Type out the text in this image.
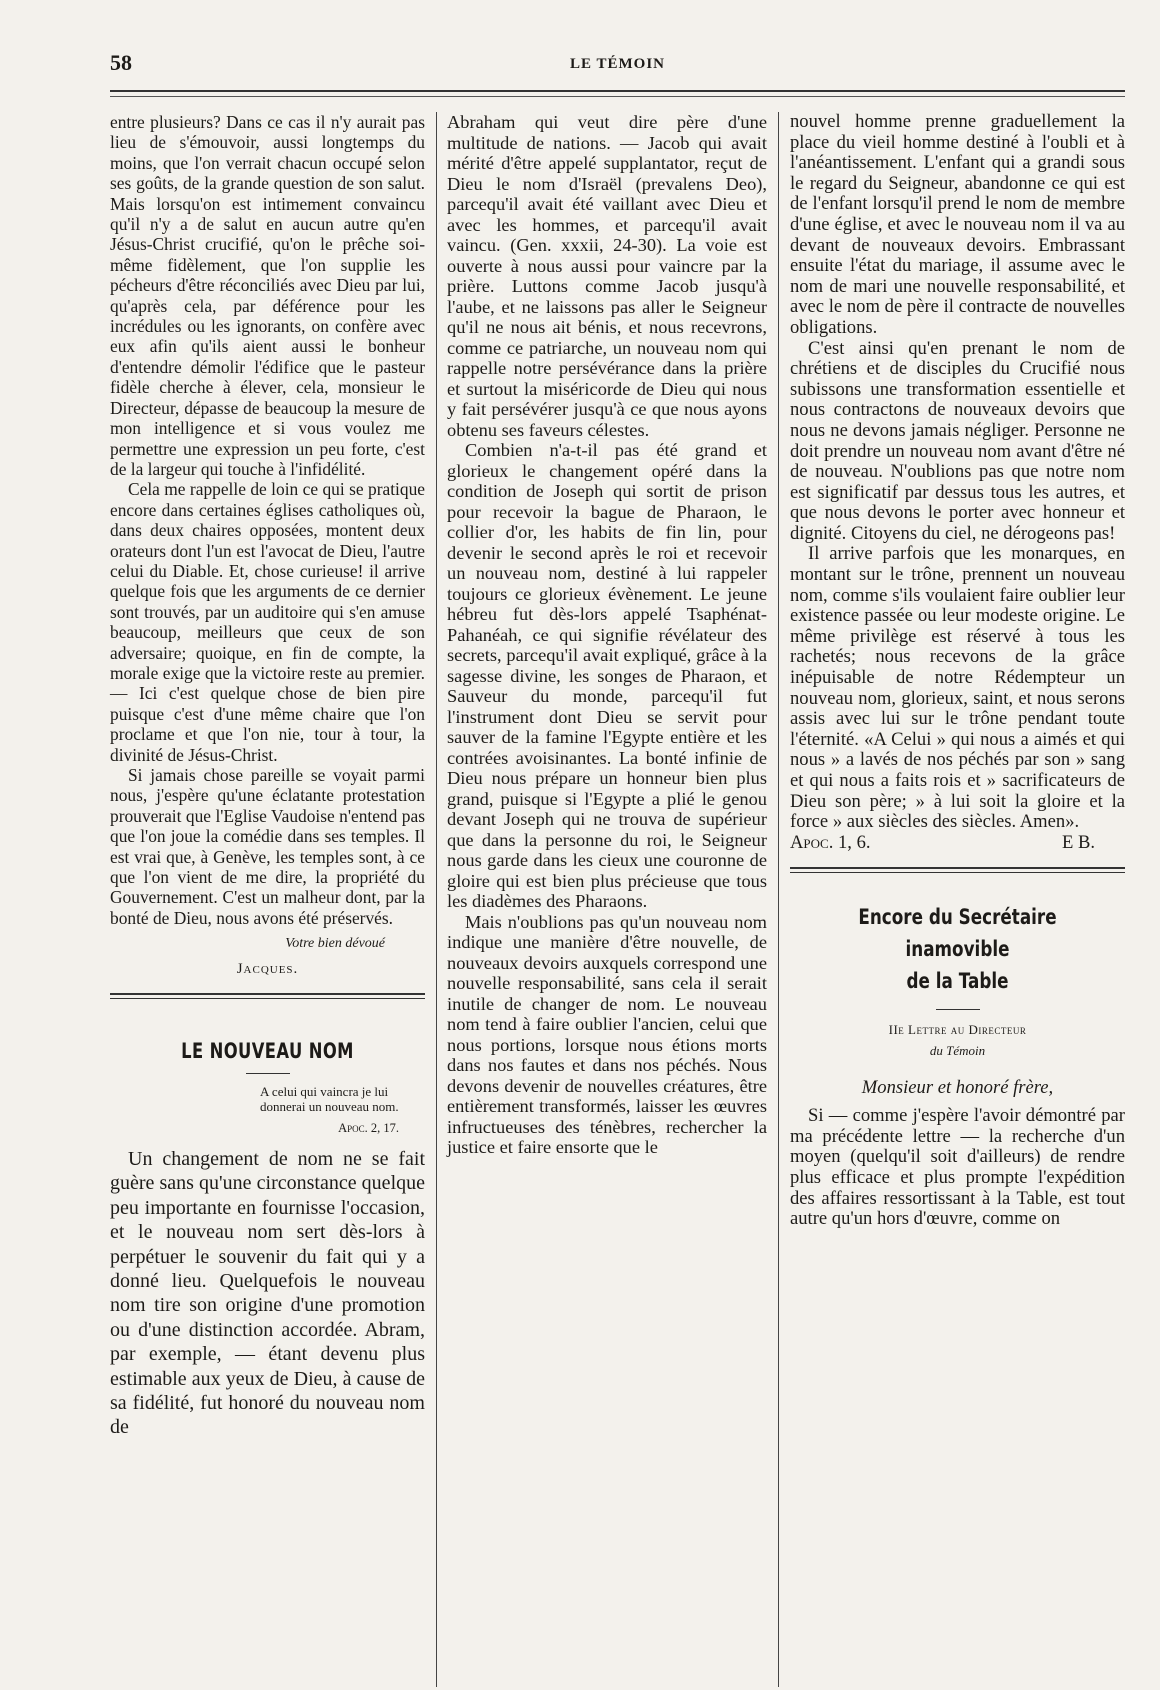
58	LE TÉMOIN

entre plusieurs? Dans ce cas il n'y aurait pas lieu de s'émouvoir, aussi longtemps du moins, que l'on verrait chacun occupé selon ses goûts, de la grande question de son salut. Mais lorsqu'on est intimement convaincu qu'il n'y a de salut en aucun autre qu'en Jésus-Christ crucifié, qu'on le prêche soi-même fidèlement, que l'on supplie les pécheurs d'être réconciliés avec Dieu par lui, qu'après cela, par déférence pour les incrédules ou les ignorants, on confère avec eux afin qu'ils aient aussi le bonheur d'entendre démolir l'édifice que le pasteur fidèle cherche à élever, cela, monsieur le Directeur, dépasse de beaucoup la mesure de mon intelligence et si vous voulez me permettre une expression un peu forte, c'est de la largeur qui touche à l'infidélité.

Cela me rappelle de loin ce qui se pratique encore dans certaines églises catholiques où, dans deux chaires opposées, montent deux orateurs dont l'un est l'avocat de Dieu, l'autre celui du Diable. Et, chose curieuse! il arrive quelque fois que les arguments de ce dernier sont trouvés, par un auditoire qui s'en amuse beaucoup, meilleurs que ceux de son adversaire; quoique, en fin de compte, la morale exige que la victoire reste au premier. — Ici c'est quelque chose de bien pire puisque c'est d'une même chaire que l'on proclame et que l'on nie, tour à tour, la divinité de Jésus-Christ.

Si jamais chose pareille se voyait parmi nous, j'espère qu'une éclatante protestation prouverait que l'Eglise Vaudoise n'entend pas que l'on joue la comédie dans ses temples. Il est vrai que, à Genève, les temples sont, à ce que l'on vient de me dire, la propriété du Gouvernement. C'est un malheur dont, par la bonté de Dieu, nous avons été préservés.

Votre bien dévoué
Jacques.
LE NOUVEAU NOM
A celui qui vaincra je lui donnerai un nouveau nom.
Apoc. 2, 17.

Un changement de nom ne se fait guère sans qu'une circonstance quelque peu importante en fournisse l'occasion, et le nouveau nom sert dès-lors à perpétuer le souvenir du fait qui y a donné lieu. Quelquefois le nouveau nom tire son origine d'une promotion ou d'une distinction accordée. Abram, par exemple, — étant devenu plus estimable aux yeux de Dieu, à cause de sa fidélité, fut honoré du nouveau nom de

Abraham qui veut dire père d'une multitude de nations. — Jacob qui avait mérité d'être appelé supplantator, reçut de Dieu le nom d'Israël (prevalens Deo), parcequ'il avait été vaillant avec Dieu et avec les hommes, et parcequ'il avait vaincu. (Gen. xxxii, 24-30). La voie est ouverte à nous aussi pour vaincre par la prière. Luttons comme Jacob jusqu'à l'aube, et ne laissons pas aller le Seigneur qu'il ne nous ait bénis, et nous recevrons, comme ce patriarche, un nouveau nom qui rappelle notre persévérance dans la prière et surtout la miséricorde de Dieu qui nous y fait persévérer jusqu'à ce que nous ayons obtenu ses faveurs célestes.

Combien n'a-t-il pas été grand et glorieux le changement opéré dans la condition de Joseph qui sortit de prison pour recevoir la bague de Pharaon, le collier d'or, les habits de fin lin, pour devenir le second après le roi et recevoir un nouveau nom, destiné à lui rappeler toujours ce glorieux évènement. Le jeune hébreu fut dès-lors appelé Tsaphénat-Pahanéah, ce qui signifie révélateur des secrets, parcequ'il avait expliqué, grâce à la sagesse divine, les songes de Pharaon, et Sauveur du monde, parcequ'il fut l'instrument dont Dieu se servit pour sauver de la famine l'Egypte entière et les contrées avoisinantes. La bonté infinie de Dieu nous prépare un honneur bien plus grand, puisque si l'Egypte a plié le genou devant Joseph qui ne trouva de supérieur que dans la personne du roi, le Seigneur nous garde dans les cieux une couronne de gloire qui est bien plus précieuse que tous les diadèmes des Pharaons.

Mais n'oublions pas qu'un nouveau nom indique une manière d'être nouvelle, de nouveaux devoirs auxquels correspond une nouvelle responsabilité, sans cela il serait inutile de changer de nom. Le nouveau nom tend à faire oublier l'ancien, celui que nous portions, lorsque nous étions morts dans nos fautes et dans nos péchés. Nous devons devenir de nouvelles créatures, être entièrement transformés, laisser les œuvres infructueuses des ténèbres, rechercher la justice et faire ensorte que le

nouvel homme prenne graduellement la place du vieil homme destiné à l'oubli et à l'anéantissement. L'enfant qui a grandi sous le regard du Seigneur, abandonne ce qui est de l'enfant lorsqu'il prend le nom de membre d'une église, et avec le nouveau nom il va au devant de nouveaux devoirs. Embrassant ensuite l'état du mariage, il assume avec le nom de mari une nouvelle responsabilité, et avec le nom de père il contracte de nouvelles obligations.

C'est ainsi qu'en prenant le nom de chrétiens et de disciples du Crucifié nous subissons une transformation essentielle et nous contractons de nouveaux devoirs que nous ne devons jamais négliger. Personne ne doit prendre un nouveau nom avant d'être né de nouveau. N'oublions pas que notre nom est significatif par dessus tous les autres, et que nous devons le porter avec honneur et dignité. Citoyens du ciel, ne dérogeons pas!

Il arrive parfois que les monarques, en montant sur le trône, prennent un nouveau nom, comme s'ils voulaient faire oublier leur existence passée ou leur modeste origine. Le même privilège est réservé à tous les rachetés; nous recevons de la grâce inépuisable de notre Rédempteur un nouveau nom, glorieux, saint, et nous serons assis avec lui sur le trône pendant toute l'éternité. «A Celui » qui nous a aimés et qui nous » a lavés de nos péchés par son » sang et qui nous a faits rois et » sacrificateurs de Dieu son père; » à lui soit la gloire et la force » aux siècles des siècles. Amen».

Apoc. 1, 6.	E B.
Encore du Secrétaire inamovible
de la Table
IIe Lettre au Directeur
du Témoin
Monsieur et honoré frère,

Si — comme j'espère l'avoir démontré par ma précédente lettre — la recherche d'un moyen (quelqu'il soit d'ailleurs) de rendre plus efficace et plus prompte l'expédition des affaires ressortissant à la Table, est tout autre qu'un hors d'œuvre, comme on
